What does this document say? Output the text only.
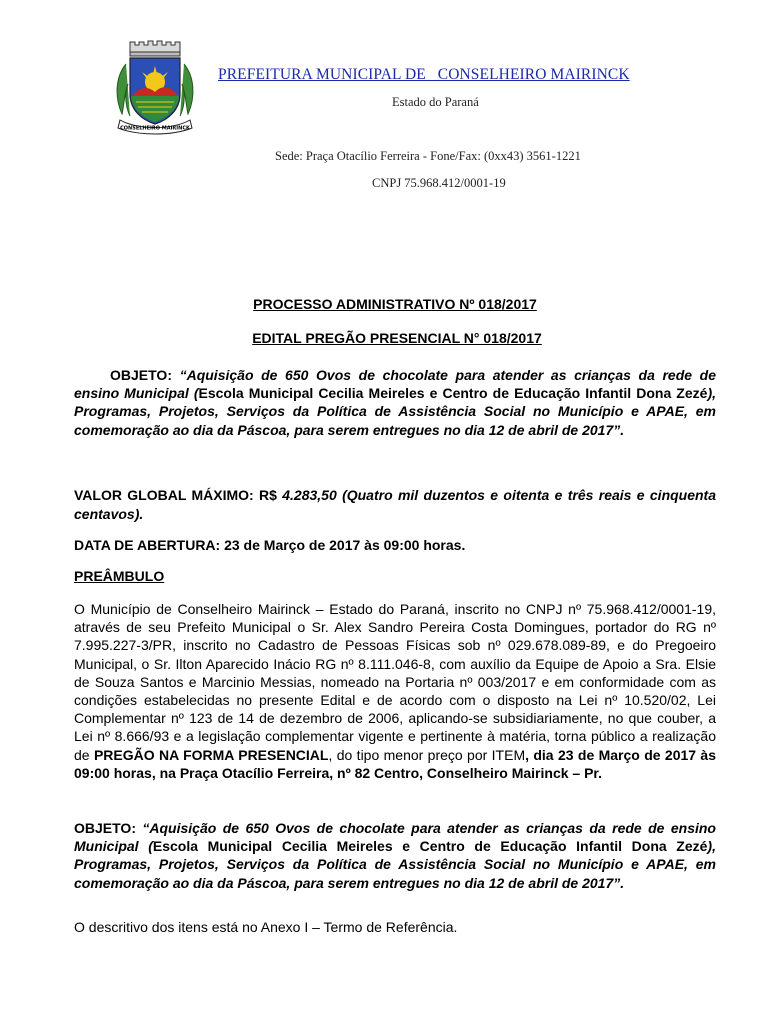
CONSELHEIRO MAIRINCK
PREFEITURA MUNICIPAL DE   CONSELHEIRO MAIRINCK
Estado do Paraná
Sede: Praça Otacílio Ferreira - Fone/Fax: (0xx43) 3561-1221
CNPJ 75.968.412/0001-19
PROCESSO ADMINISTRATIVO Nº 018/2017
EDITAL PREGÃO PRESENCIAL N° 018/2017

OBJETO: “Aquisição de 650 Ovos de chocolate para atender as crianças da rede de ensino Municipal (Escola Municipal Cecilia Meireles e Centro de Educação Infantil Dona Zezé), Programas, Projetos, Serviços da Política de Assistência Social no Município e APAE, em comemoração ao dia da Páscoa, para serem entregues no dia 12 de abril de 2017”.

VALOR GLOBAL MÁXIMO: R$ 4.283,50 (Quatro mil duzentos e oitenta e três reais e cinquenta centavos).

DATA DE ABERTURA: 23 de Março de 2017 às 09:00 horas.

PREÂMBULO

O Município de Conselheiro Mairinck – Estado do Paraná, inscrito no CNPJ nº 75.968.412/0001-19, através de seu Prefeito Municipal o Sr. Alex Sandro Pereira Costa Domingues, portador do RG nº 7.995.227-3/PR, inscrito no Cadastro de Pessoas Físicas sob nº 029.678.089-89, e do Pregoeiro Municipal, o Sr. Ilton Aparecido Inácio RG nº 8.111.046-8, com auxílio da Equipe de Apoio a Sra. Elsie de Souza Santos e Marcinio Messias, nomeado na Portaria nº 003/2017 e em conformidade com as condições estabelecidas no presente Edital e de acordo com o disposto na Lei nº 10.520/02, Lei Complementar nº 123 de 14 de dezembro de 2006, aplicando-se subsidiariamente, no que couber, a Lei nº 8.666/93 e a legislação complementar vigente e pertinente à matéria, torna público a realização de PREGÃO NA FORMA PRESENCIAL, do tipo menor preço por ITEM, dia 23 de Março de 2017 às 09:00 horas, na Praça Otacílio Ferreira, nº 82 Centro, Conselheiro Mairinck – Pr.

OBJETO: “Aquisição de 650 Ovos de chocolate para atender as crianças da rede de ensino Municipal (Escola Municipal Cecilia Meireles e Centro de Educação Infantil Dona Zezé), Programas, Projetos, Serviços da Política de Assistência Social no Município e APAE, em comemoração ao dia da Páscoa, para serem entregues no dia 12 de abril de 2017”.

O descritivo dos itens está no Anexo I – Termo de Referência.
